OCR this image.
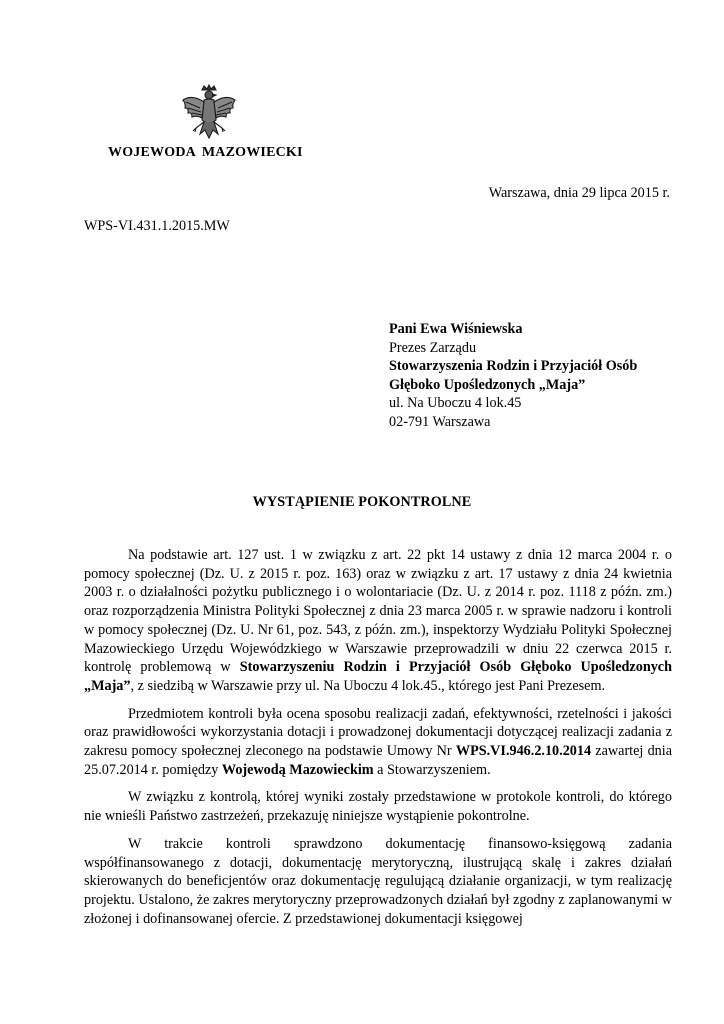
WOJEWODA MAZOWIECKI
Warszawa, dnia 29 lipca 2015 r.
WPS-VI.431.1.2015.MW
Pani Ewa Wiśniewska
Prezes Zarządu
Stowarzyszenia Rodzin i Przyjaciół Osób
Głęboko Upośledzonych „Maja”
ul. Na Uboczu 4 lok.45
02-791 Warszawa
WYSTĄPIENIE POKONTROLNE

Na podstawie art. 127 ust. 1 w związku z art. 22 pkt 14 ustawy z dnia 12 marca 2004 r. o pomocy społecznej (Dz. U. z 2015 r. poz. 163) oraz w związku z art. 17 ustawy z dnia 24 kwietnia 2003 r. o działalności pożytku publicznego i o wolontariacie (Dz. U. z 2014 r. poz. 1118 z późn. zm.) oraz rozporządzenia Ministra Polityki Społecznej z dnia 23 marca 2005 r. w sprawie nadzoru i kontroli w pomocy społecznej (Dz. U. Nr 61, poz. 543, z późn. zm.), inspektorzy Wydziału Polityki Społecznej Mazowieckiego Urzędu Wojewódzkiego w Warszawie przeprowadzili w dniu 22 czerwca 2015 r. kontrolę problemową w Stowarzyszeniu Rodzin i Przyjaciół Osób Głęboko Upośledzonych „Maja”, z siedzibą w Warszawie przy ul. Na Uboczu 4 lok.45., którego jest Pani Prezesem.

Przedmiotem kontroli była ocena sposobu realizacji zadań, efektywności, rzetelności i jakości oraz prawidłowości wykorzystania dotacji i prowadzonej dokumentacji dotyczącej realizacji zadania z zakresu pomocy społecznej zleconego na podstawie Umowy Nr WPS.VI.946.2.10.2014 zawartej dnia 25.07.2014 r. pomiędzy Wojewodą Mazowieckim a Stowarzyszeniem.

W związku z kontrolą, której wyniki zostały przedstawione w protokole kontroli, do którego nie wnieśli Państwo zastrzeżeń, przekazuję niniejsze wystąpienie pokontrolne.

W trakcie kontroli sprawdzono dokumentację finansowo-księgową zadania współfinansowanego z dotacji, dokumentację merytoryczną, ilustrującą skalę i zakres działań skierowanych do beneficjentów oraz dokumentację regulującą działanie organizacji, w tym realizację projektu. Ustalono, że zakres merytoryczny przeprowadzonych działań był zgodny z zaplanowanymi w złożonej i dofinansowanej ofercie. Z przedstawionej dokumentacji księgowej
